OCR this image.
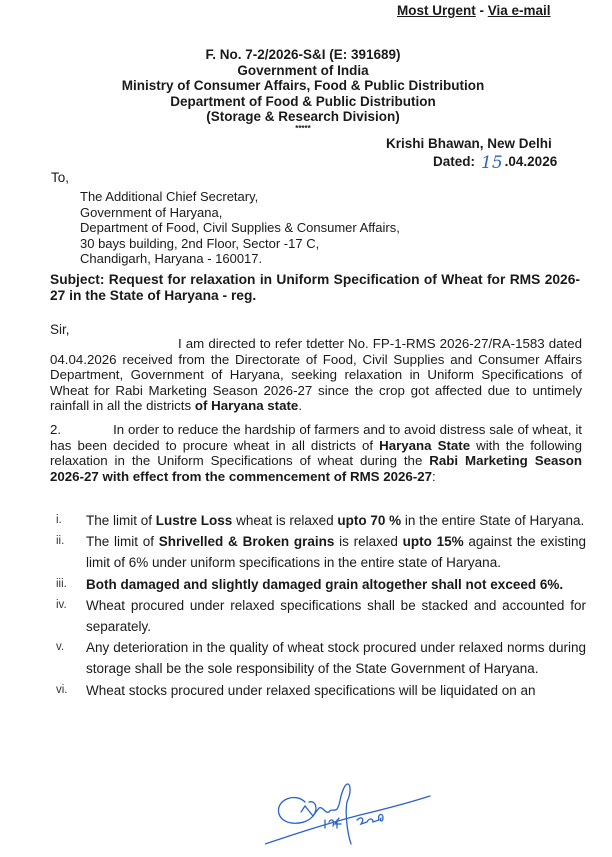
Most Urgent - Via e-mail
F. No. 7-2/2026-S&I (E: 391689)
Government of India
Ministry of Consumer Affairs, Food & Public Distribution
Department of Food & Public Distribution
(Storage & Research Division)
*****
Krishi Bhawan, New Delhi
Dated: 15 .04.2026
To,
The Additional Chief Secretary,
Government of Haryana,
Department of Food, Civil Supplies & Consumer Affairs,
30 bays building, 2nd Floor, Sector -17 C,
Chandigarh, Haryana - 160017.
Subject: Request for relaxation in Uniform Specification of Wheat for RMS 2026-27 in the State of Haryana - reg.
Sir,
I am directed to refer tdetter No. FP-1-RMS 2026-27/RA-1583 dated 04.04.2026 received from the Directorate of Food, Civil Supplies and Consumer Affairs Department, Government of Haryana, seeking relaxation in Uniform Specifications of Wheat for Rabi Marketing Season 2026-27 since the crop got affected due to untimely rainfall in all the districts of Haryana state.
2.	In order to reduce the hardship of farmers and to avoid distress sale of wheat, it has been decided to procure wheat in all districts of Haryana State with the following relaxation in the Uniform Specifications of wheat during the Rabi Marketing Season 2026-27 with effect from the commencement of RMS 2026-27:
i.	The limit of Lustre Loss wheat is relaxed upto 70 % in the entire State of Haryana.
ii.	The limit of Shrivelled & Broken grains is relaxed upto 15% against the existing limit of 6% under uniform specifications in the entire state of Haryana.
iii.	Both damaged and slightly damaged grain altogether shall not exceed 6%.
iv.	Wheat procured under relaxed specifications shall be stacked and accounted for separately.
v.	Any deterioration in the quality of wheat stock procured under relaxed norms during storage shall be the sole responsibility of the State Government of Haryana.
vi.	Wheat stocks procured under relaxed specifications will be liquidated on an
